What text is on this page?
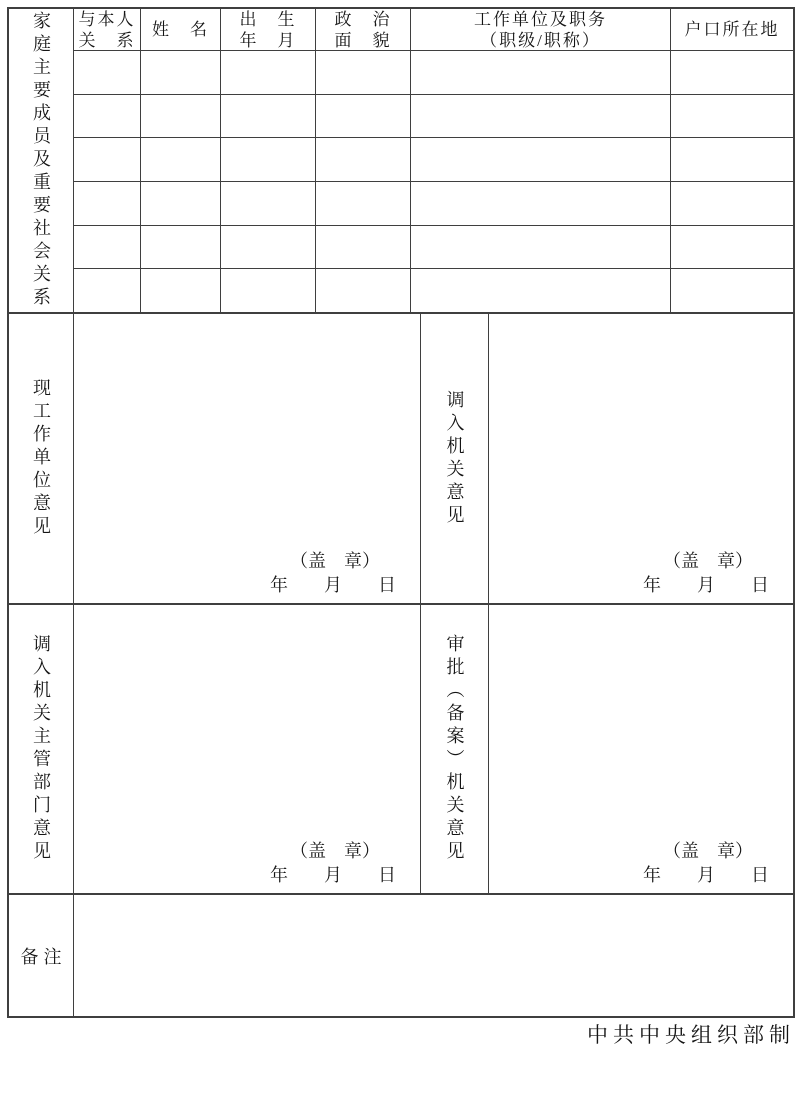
家庭主要成员及重要社会关系 与本人
关　系
姓　名
出　生
年　月
政　治
面　貌
工作单位及职务
（职级/职称）
户口所在地
现工作单位意见
（盖　章）
年　　月　　日
调入机关意见
（盖　章）
年　　月　　日
调入机关主管部门意见	（盖　章）
年　　月　　日
审批（备案）机关意见	（盖　章）
年　　月　　日
备注
中共中央组织部制
